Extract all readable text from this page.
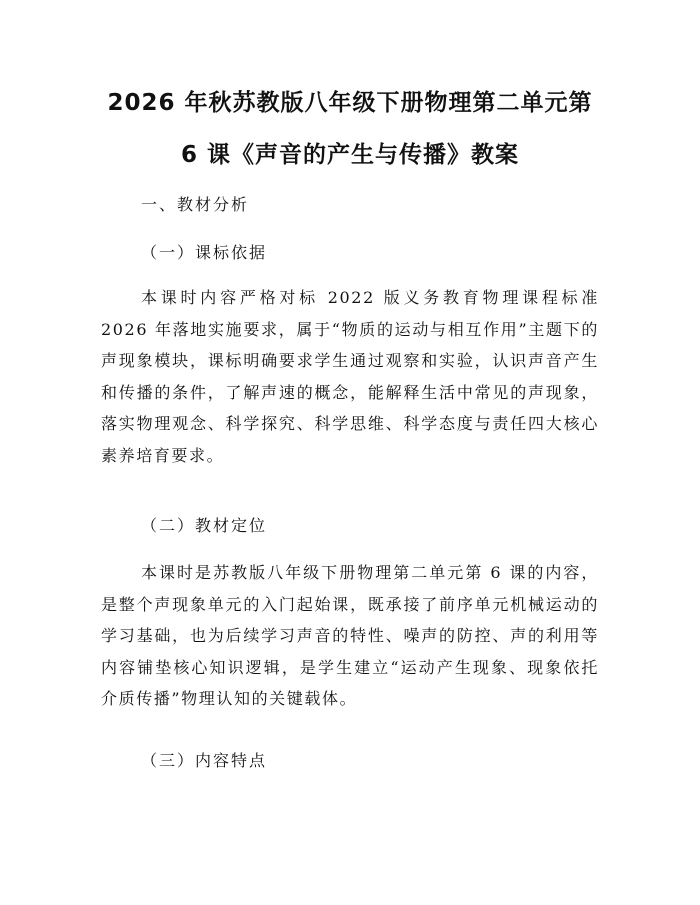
2026 年秋苏教版八年级下册物理第二单元第
6 课《声音的产生与传播》教案

一、教材分析

（一）课标依据

本课时内容严格对标 2022 版义务教育物理课程标准 2026 年落地实施要求，属于“物质的运动与相互作用”主题下的声现象模块，课标明确要求学生通过观察和实验，认识声音产生和传播的条件，了解声速的概念，能解释生活中常见的声现象，落实物理观念、科学探究、科学思维、科学态度与责任四大核心素养培育要求。

（二）教材定位

本课时是苏教版八年级下册物理第二单元第 6 课的内容，是整个声现象单元的入门起始课，既承接了前序单元机械运动的学习基础，也为后续学习声音的特性、噪声的防控、声的利用等内容铺垫核心知识逻辑，是学生建立“运动产生现象、现象依托介质传播”物理认知的关键载体。

（三）内容特点
